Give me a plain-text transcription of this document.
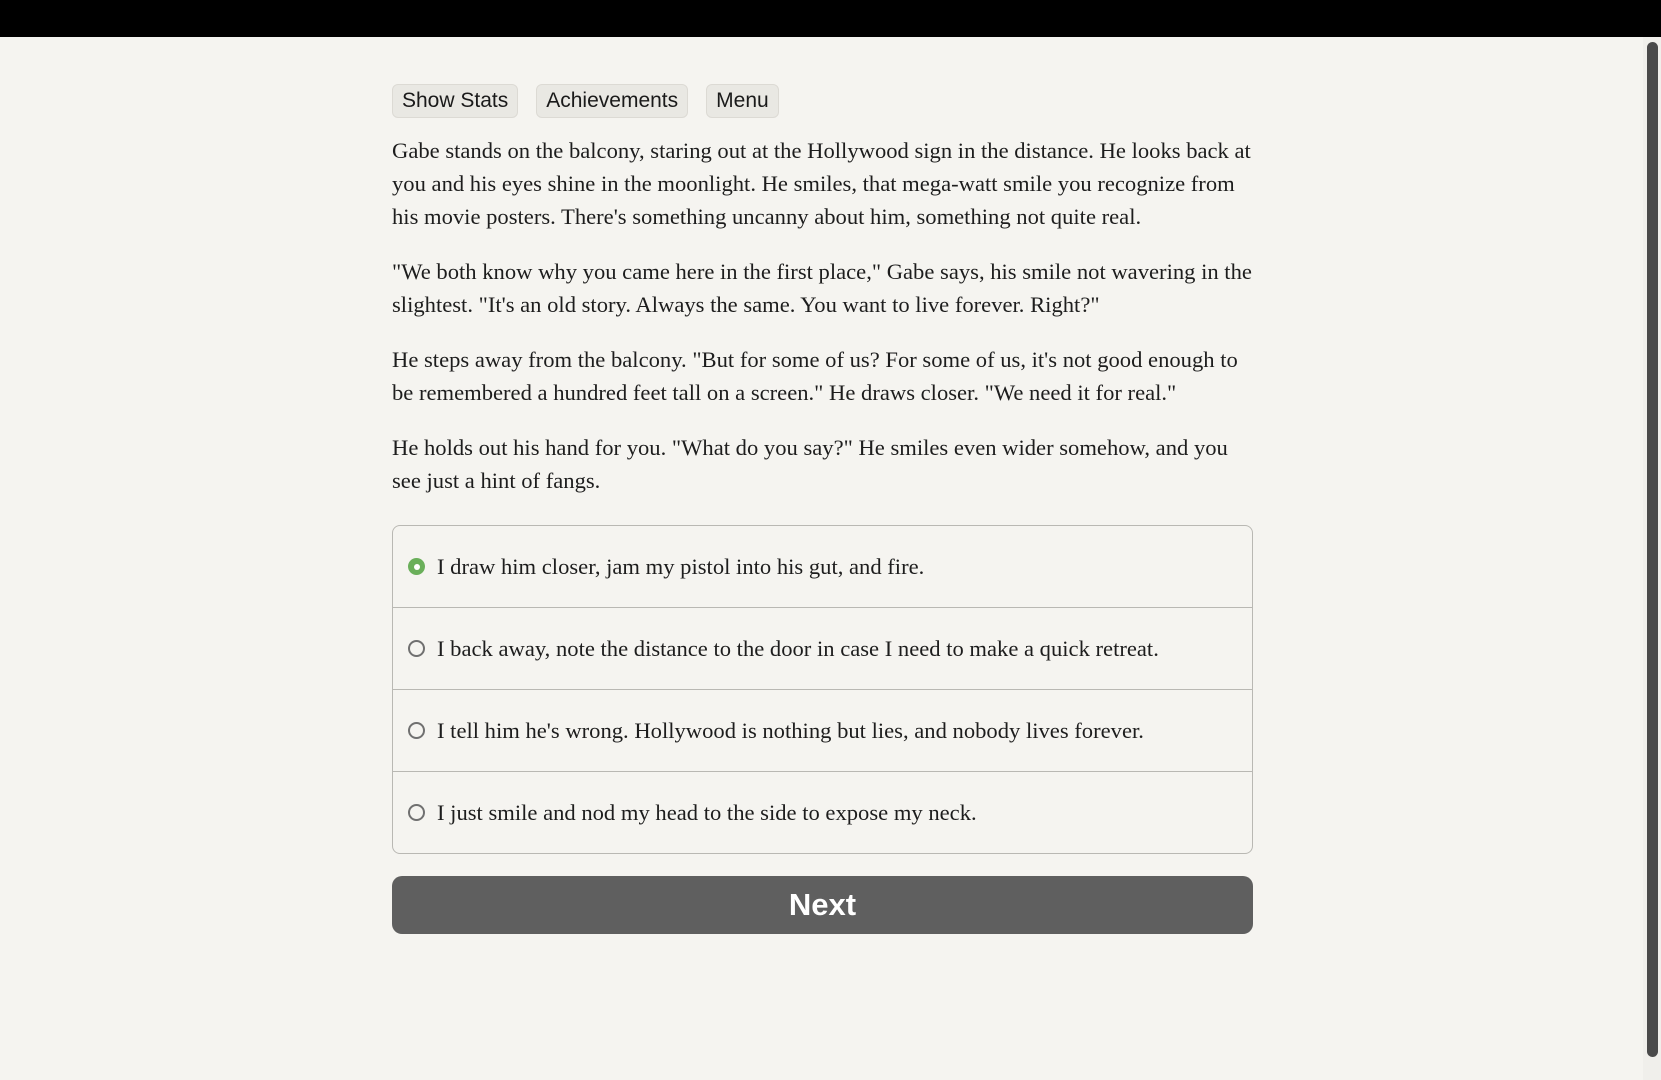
Show Stats	Achievements	Menu

Gabe stands on the balcony, staring out at the Hollywood sign in the distance. He looks back at you and his eyes shine in the moonlight. He smiles, that mega-watt smile you recognize from his movie posters. There's something uncanny about him, something not quite real.

"We both know why you came here in the first place," Gabe says, his smile not wavering in the slightest. "It's an old story. Always the same. You want to live forever. Right?"

He steps away from the balcony. "But for some of us? For some of us, it's not good enough to be remembered a hundred feet tall on a screen." He draws closer. "We need it for real."

He holds out his hand for you. "What do you say?" He smiles even wider somehow, and you see just a hint of fangs.

I draw him closer, jam my pistol into his gut, and fire.
I back away, note the distance to the door in case I need to make a quick retreat.
I tell him he's wrong. Hollywood is nothing but lies, and nobody lives forever.
I just smile and nod my head to the side to expose my neck.
Next
